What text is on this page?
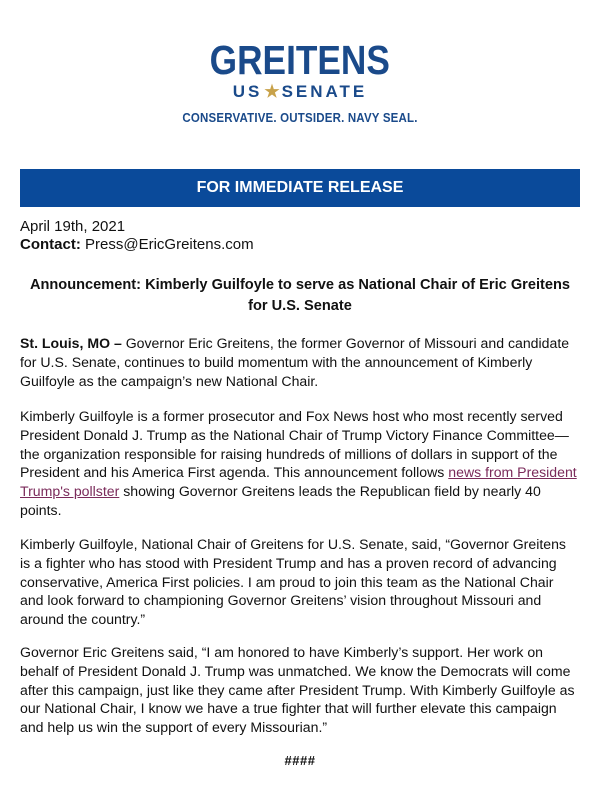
GREITENS
US ★ SENATE
CONSERVATIVE. OUTSIDER. NAVY SEAL.
FOR IMMEDIATE RELEASE
April 19th, 2021
Contact: Press@EricGreitens.com
Announcement: Kimberly Guilfoyle to serve as National Chair of Eric Greitens for U.S. Senate
St. Louis, MO – Governor Eric Greitens, the former Governor of Missouri and candidate for U.S. Senate, continues to build momentum with the announcement of Kimberly Guilfoyle as the campaign’s new National Chair.
Kimberly Guilfoyle is a former prosecutor and Fox News host who most recently served President Donald J. Trump as the National Chair of Trump Victory Finance Committee—the organization responsible for raising hundreds of millions of dollars in support of the President and his America First agenda. This announcement follows news from President Trump's pollster showing Governor Greitens leads the Republican field by nearly 40 points.
Kimberly Guilfoyle, National Chair of Greitens for U.S. Senate, said, “Governor Greitens is a fighter who has stood with President Trump and has a proven record of advancing conservative, America First policies. I am proud to join this team as the National Chair and look forward to championing Governor Greitens’ vision throughout Missouri and around the country.”
Governor Eric Greitens said, “I am honored to have Kimberly’s support. Her work on behalf of President Donald J. Trump was unmatched. We know the Democrats will come after this campaign, just like they came after President Trump. With Kimberly Guilfoyle as our National Chair, I know we have a true fighter that will further elevate this campaign and help us win the support of every Missourian.”
####
